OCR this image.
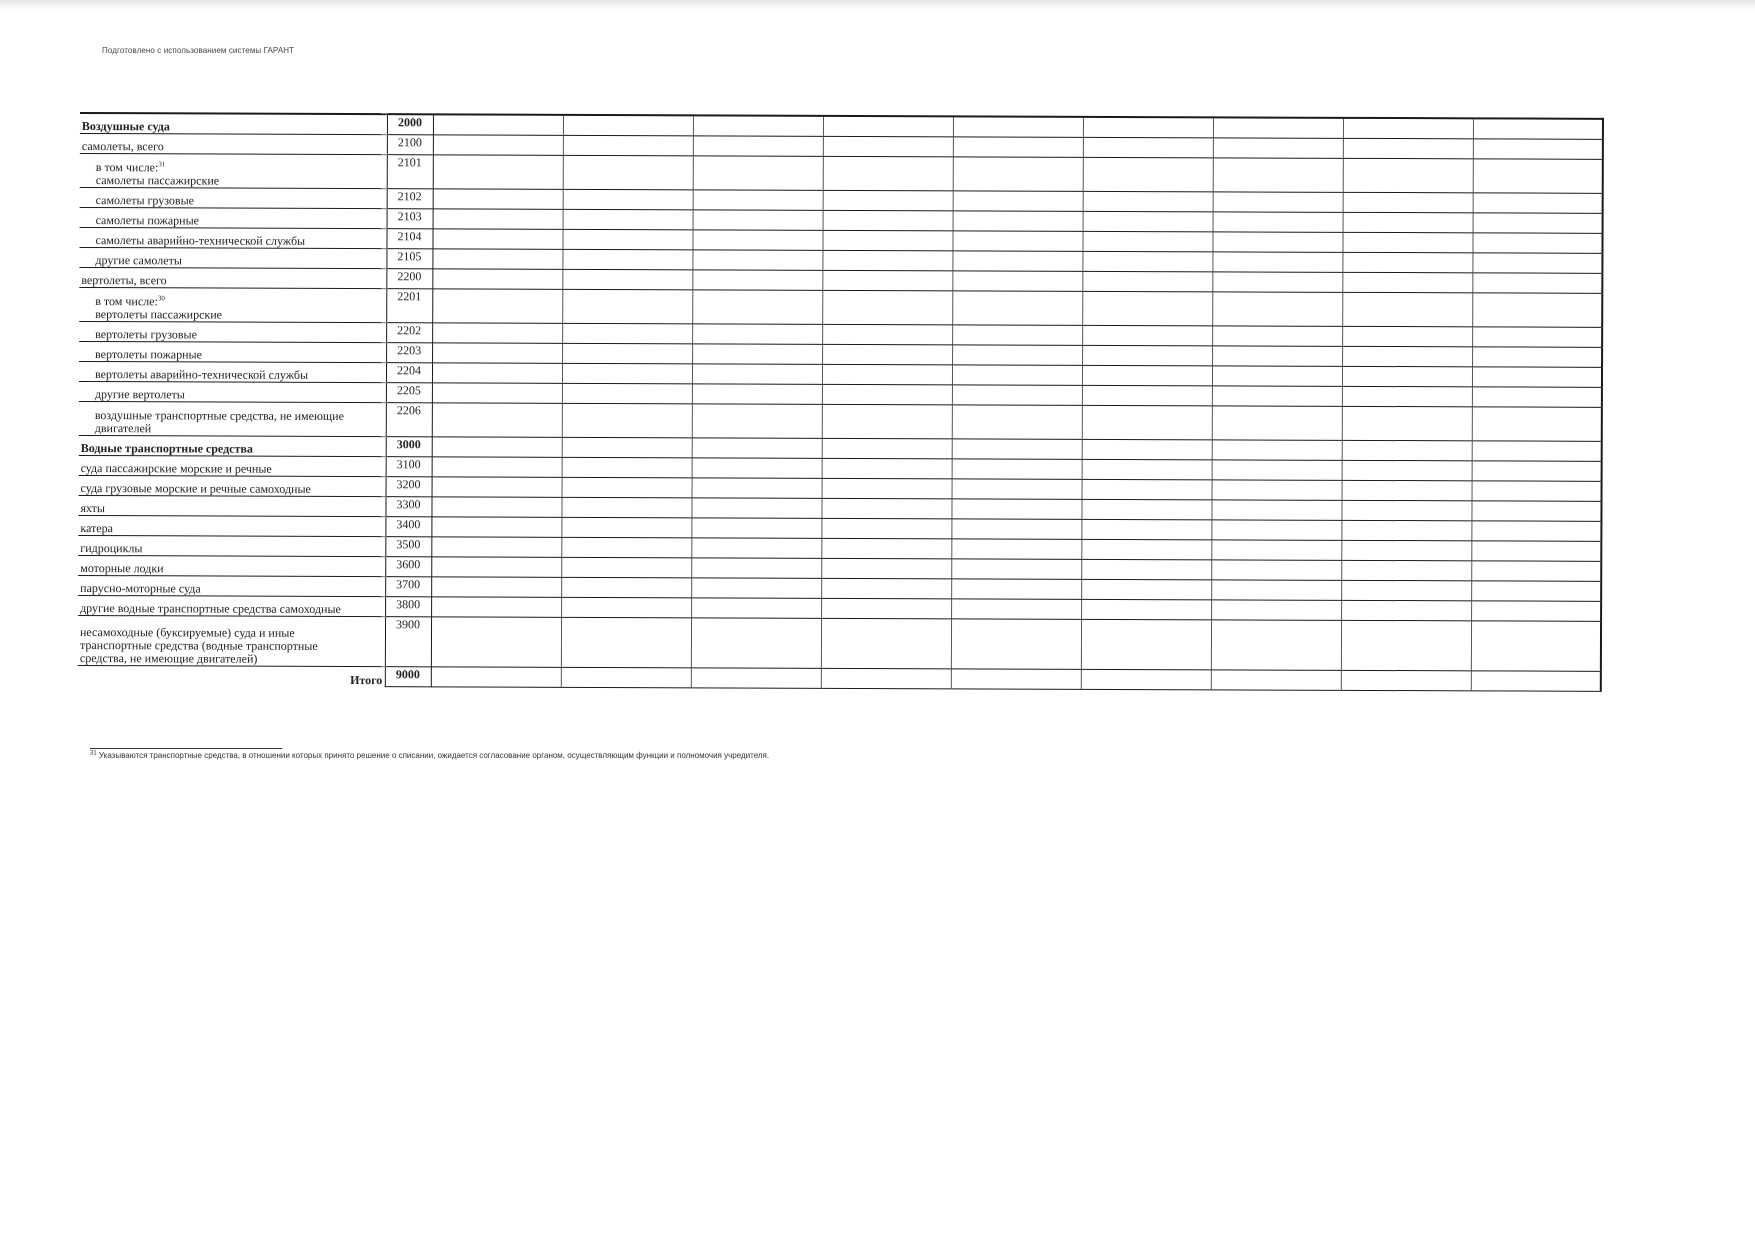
Подготовлено с использованием системы ГАРАНТ
Воздушные суда	2000									
самолеты, всего	2100									

в том числе:$^{31}$
самолеты пассажирские	2101									
самолеты грузовые	2102									
самолеты пожарные	2103									
самолеты аварийно-технической службы	2104									
другие самолеты	2105									
вертолеты, всего	2200									

в том числе:$^{30}$
вертолеты пассажирские	2201									
вертолеты грузовые	2202									
вертолеты пожарные	2203									
вертолеты аварийно-технической службы	2204									
другие вертолеты	2205									

воздушные транспортные средства, не имеющие
двигателей	2206									
Водные транспортные средства	3000									
суда пассажирские морские и речные	3100									
суда грузовые морские и речные самоходные	3200									
яхты	3300									
катера	3400									
гидроциклы	3500									
моторные лодки	3600									
парусно-моторные суда	3700									
другие водные транспортные средства самоходные	3800									

несамоходные (буксируемые) суда и иные
транспортные средства (водные транспортные
средства, не имеющие двигателей)	3900									
Итого	9000									
$^{31}$ Указываются транспортные средства, в отношении которых принято решение о списании, ожидается согласование органом, осуществляющим функции и полномочия учредителя.
